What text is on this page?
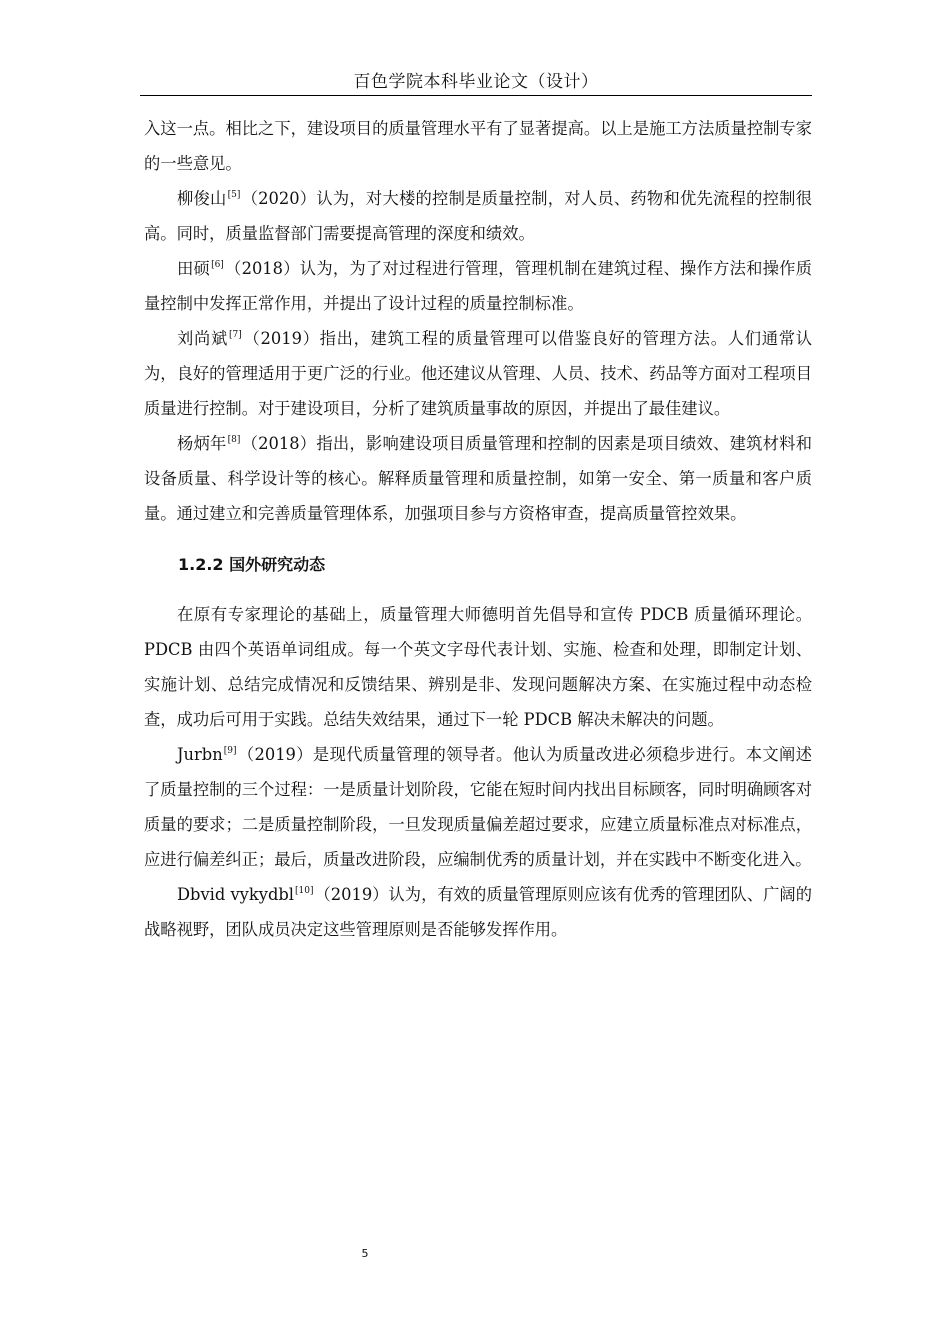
百色学院本科毕业论文（设计）

入这一点。相比之下，建设项目的质量管理水平有了显著提高。以上是施工方法质量控制专家的一些意见。

柳俊山[5]（2020）认为，对大楼的控制是质量控制，对人员、药物和优先流程的控制很高。同时，质量监督部门需要提高管理的深度和绩效。

田硕[6]（2018）认为，为了对过程进行管理，管理机制在建筑过程、操作方法和操作质量控制中发挥正常作用，并提出了设计过程的质量控制标准。

刘尚斌[7]（2019）指出，建筑工程的质量管理可以借鉴良好的管理方法。人们通常认为，良好的管理适用于更广泛的行业。他还建议从管理、人员、技术、药品等方面对工程项目质量进行控制。对于建设项目，分析了建筑质量事故的原因，并提出了最佳建议。

杨炳年[8]（2018）指出，影响建设项目质量管理和控制的因素是项目绩效、建筑材料和设备质量、科学设计等的核心。解释质量管理和质量控制，如第一安全、第一质量和客户质量。通过建立和完善质量管理体系，加强项目参与方资格审查，提高质量管控效果。

1.2.2 国外研究动态

在原有专家理论的基础上，质量管理大师德明首先倡导和宣传 PDCB 质量循环理论。PDCB 由四个英语单词组成。每一个英文字母代表计划、实施、检查和处理，即制定计划、实施计划、总结完成情况和反馈结果、辨别是非、发现问题解决方案、在实施过程中动态检查，成功后可用于实践。总结失效结果，通过下一轮 PDCB 解决未解决的问题。

Jurbn[9]（2019）是现代质量管理的领导者。他认为质量改进必须稳步进行。本文阐述了质量控制的三个过程：一是质量计划阶段，它能在短时间内找出目标顾客，同时明确顾客对质量的要求；二是质量控制阶段，一旦发现质量偏差超过要求，应建立质量标准点对标准点，应进行偏差纠正；最后，质量改进阶段，应编制优秀的质量计划，并在实践中不断变化进入。

Dbvid vykydbl[10]（2019）认为，有效的质量管理原则应该有优秀的管理团队、广阔的战略视野，团队成员决定这些管理原则是否能够发挥作用。

5
